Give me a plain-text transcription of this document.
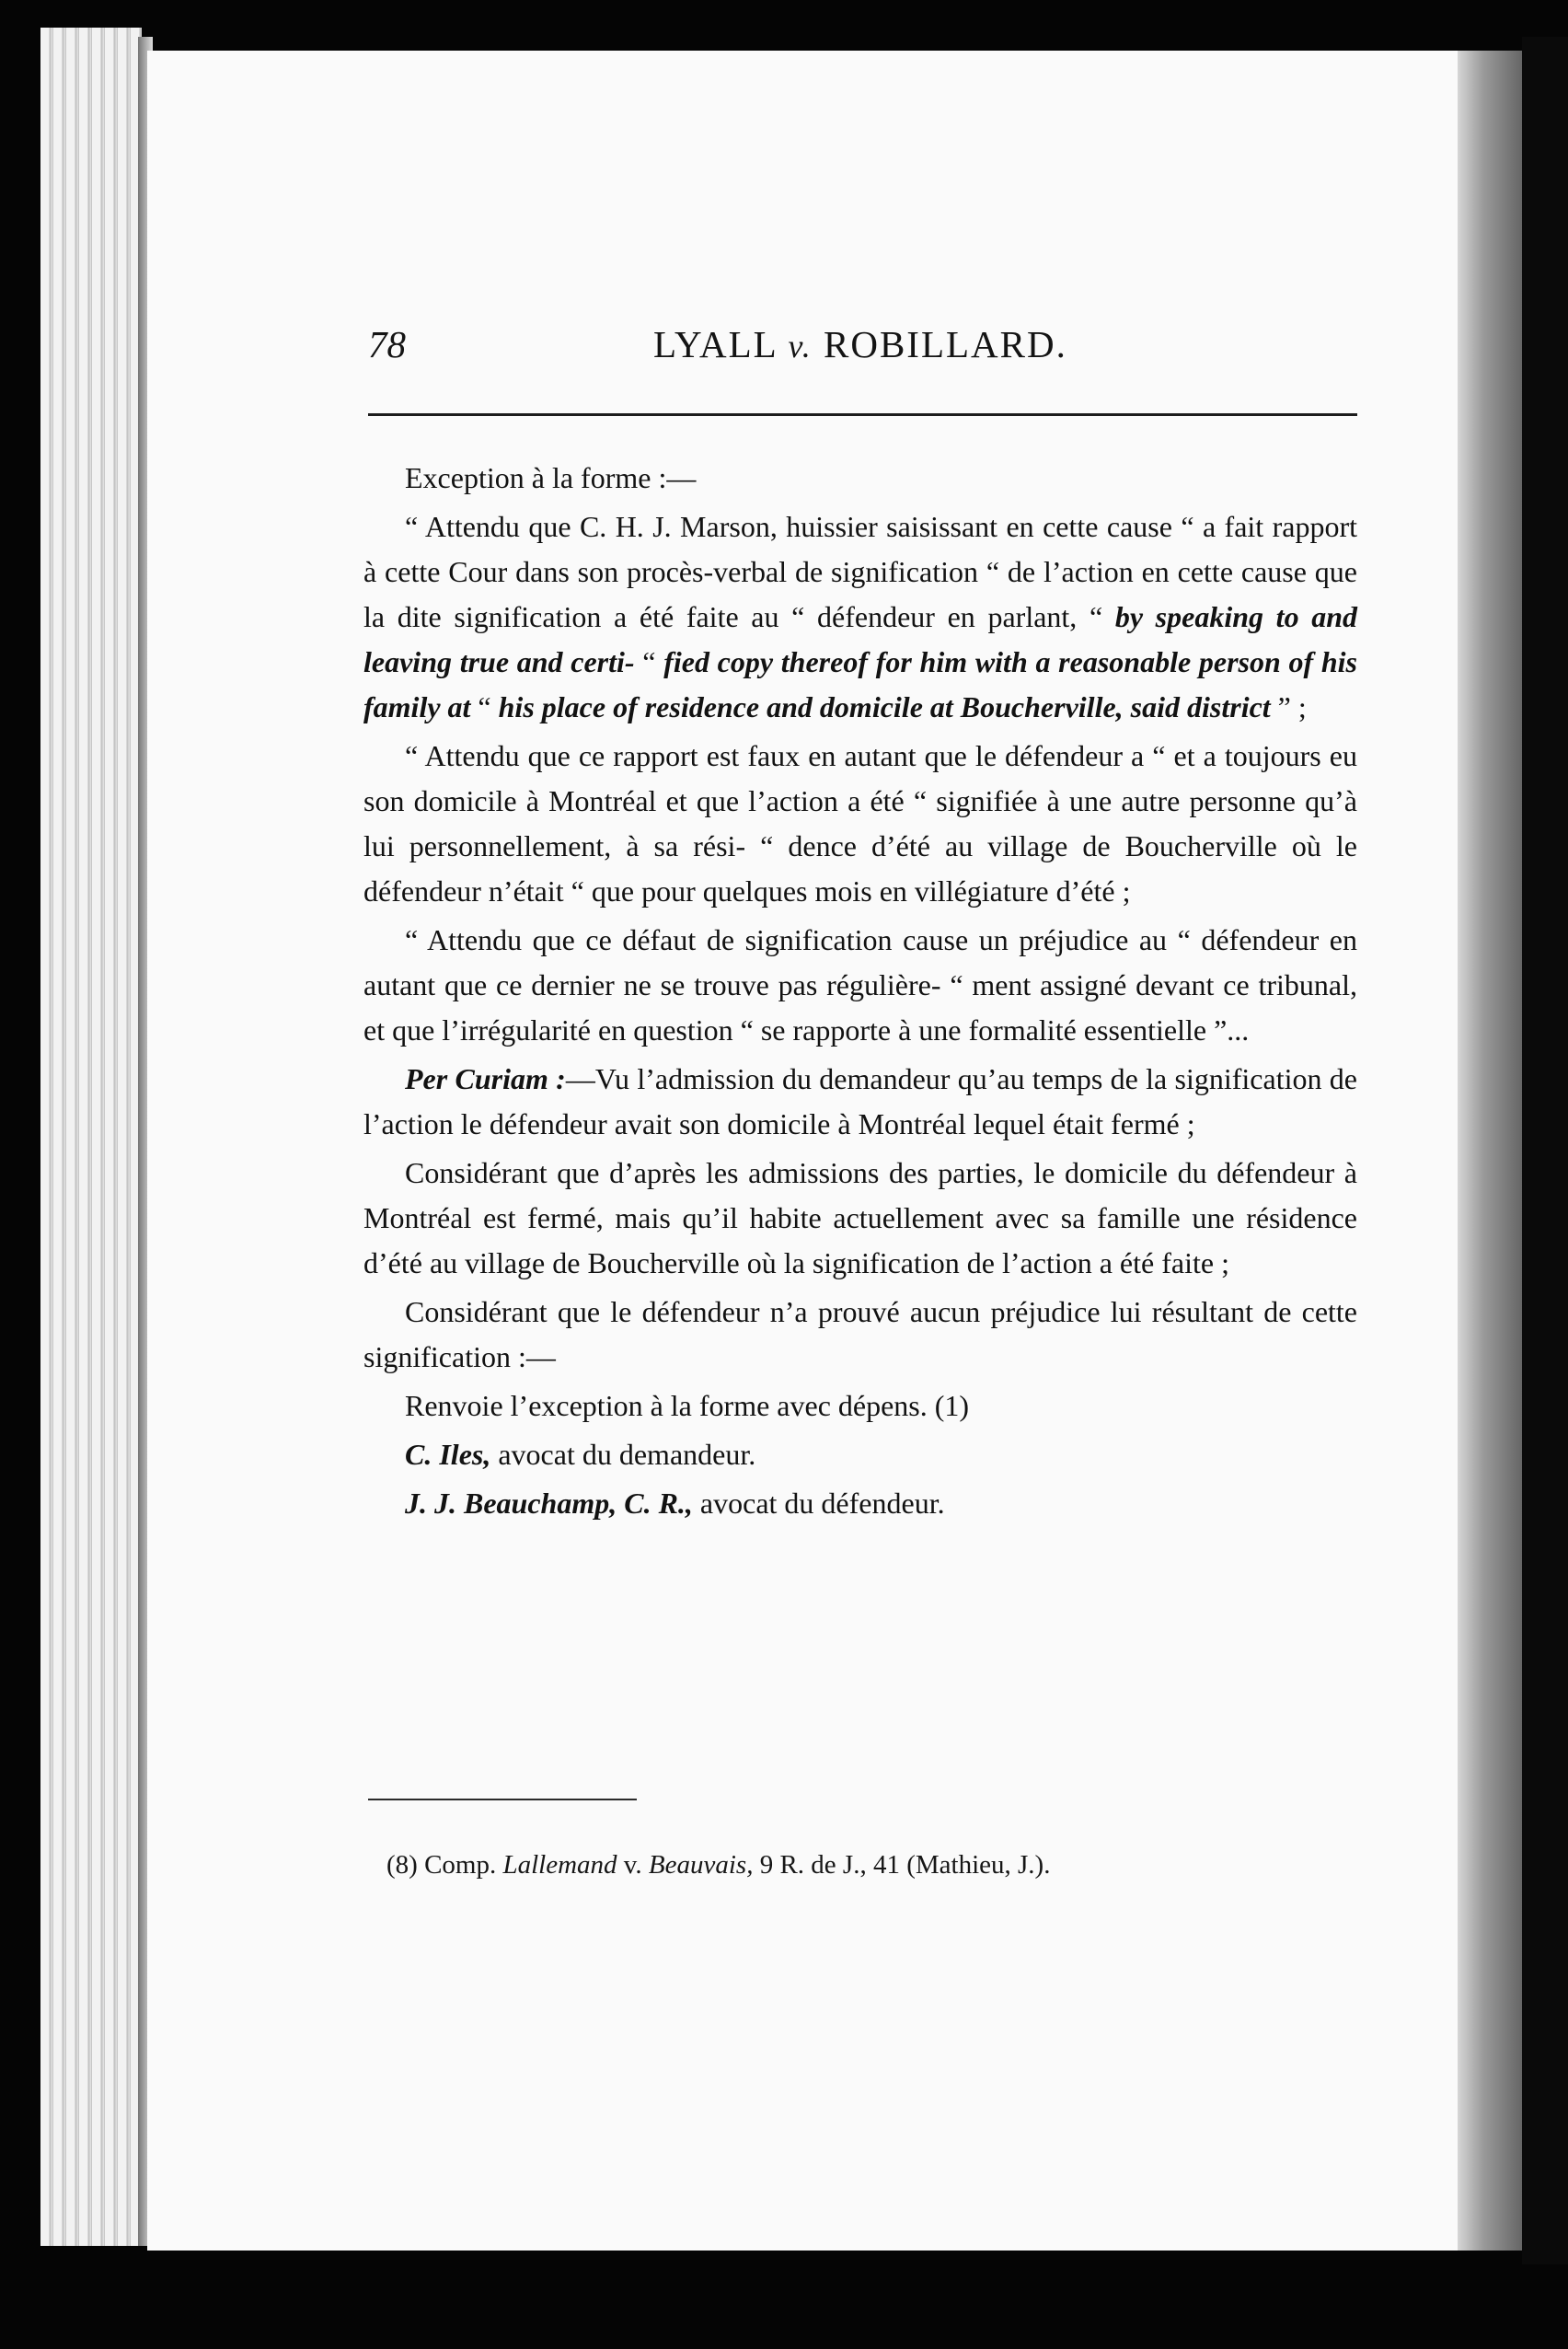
78	LYALL v. ROBILLARD.

Exception à la forme :—

“ Attendu que C. H. J. Marson, huissier saisissant en cette cause “ a fait rapport à cette Cour dans son procès-verbal de signification “ de l’action en cette cause que la dite signification a été faite au “ défendeur en parlant, “ by speaking to and leaving true and certi- “ fied copy thereof for him with a reasonable person of his family at “ his place of residence and domicile at Boucherville, said district ” ;

“ Attendu que ce rapport est faux en autant que le défendeur a “ et a toujours eu son domicile à Montréal et que l’action a été “ signifiée à une autre personne qu’à lui personnellement, à sa rési- “ dence d’été au village de Boucherville où le défendeur n’était “ que pour quelques mois en villégiature d’été ;

“ Attendu que ce défaut de signification cause un préjudice au “ défendeur en autant que ce dernier ne se trouve pas régulière- “ ment assigné devant ce tribunal, et que l’irrégularité en question “ se rapporte à une formalité essentielle ”...

Per Curiam :—Vu l’admission du demandeur qu’au temps de la signification de l’action le défendeur avait son domicile à Montréal lequel était fermé ;

Considérant que d’après les admissions des parties, le domicile du défendeur à Montréal est fermé, mais qu’il habite actuellement avec sa famille une résidence d’été au village de Boucherville où la signification de l’action a été faite ;

Considérant que le défendeur n’a prouvé aucun préjudice lui résultant de cette signification :—

Renvoie l’exception à la forme avec dépens. (1)

C. Iles, avocat du demandeur.

J. J. Beauchamp, C. R., avocat du défendeur.

(8) Comp. Lallemand v. Beauvais, 9 R. de J., 41 (Mathieu, J.).
